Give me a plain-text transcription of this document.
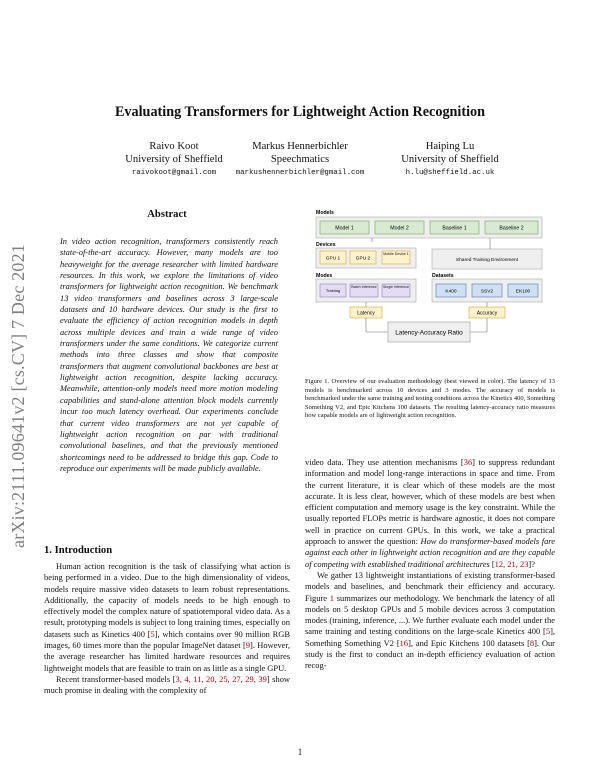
Evaluating Transformers for Lightweight Action Recognition
Raivo Koot
University of Sheffield
raivokoot@gmail.com
Markus Hennerbichler
Speechmatics
markushennerbichler@gmail.com
Haiping Lu
University of Sheffield
h.lu@sheffield.ac.uk
arXiv:2111.09641v2 [cs.CV] 7 Dec 2021
Abstract
In video action recognition, transformers consistently reach state-of-the-art accuracy. However, many models are too heavyweight for the average researcher with limited hardware resources. In this work, we explore the limitations of video transformers for lightweight action recognition. We benchmark 13 video transformers and baselines across 3 large-scale datasets and 10 hardware devices. Our study is the first to evaluate the efficiency of action recognition models in depth across multiple devices and train a wide range of video transformers under the same conditions. We categorize current methods into three classes and show that composite transformers that augment convolutional backbones are best at lightweight action recognition, despite lacking accuracy. Meanwhile, attention-only models need more motion modeling capabilities and stand-alone attention block models currently incur too much latency overhead. Our experiments conclude that current video transformers are not yet capable of lightweight action recognition on par with traditional convolutional baselines, and that the previously mentioned shortcomings need to be addressed to bridge this gap. Code to reproduce our experiments will be made publicly available.
1. Introduction

Human action recognition is the task of classifying what action is being performed in a video. Due to the high dimensionality of videos, models require massive video datasets to learn robust representations. Additionally, the capacity of models needs to be high enough to effectively model the complex nature of spatiotemporal video data. As a result, prototyping models is subject to long training times, especially on datasets such as Kinetics 400 [5], which contains over 90 million RGB images, 60 times more than the popular ImageNet dataset [9]. However, the average researcher has limited hardware resources and requires lightweight models that are feasible to train on as little as a single GPU.

Recent transformer-based models [3, 4, 11, 20, 25, 27, 29, 39] show much promise in dealing with the complexity of

Models
Model 1	Model 2	Baseline 1	Baseline 2
Devices
GPU 1	GPU 2
Mobile Device 1
Shared Training Environment
Modes
Training
Batch Inference	Single Inference
Datasets
K400	SSV2	EK100
Latency	Accuracy
Latency-Accuracy Ratio
Figure 1. Overview of our evaluation methodology (best viewed in color). The latency of 13 models is benchmarked across 10 devices and 3 modes. The accuracy of models is benchmarked under the same training and testing conditions across the Kinetics 400, Something Something V2, and Epic Kitchens 100 datasets. The resulting latency-accuracy ratio measures how capable models are of lightweight action recognition.

video data. They use attention mechanisms [36] to suppress redundant information and model long-range interactions in space and time. From the current literature, it is clear which of these models are the most accurate. It is less clear, however, which of these models are best when efficient computation and memory usage is the key constraint. While the usually reported FLOPs metric is hardware agnostic, it does not compare well in practice on current GPUs. In this work, we take a practical approach to answer the question: How do transformer-based models fare against each other in lightweight action recognition and are they capable of competing with established traditional architectures [12, 21, 23]?

We gather 13 lightweight instantiations of existing transformer-based models and baselines, and benchmark their efficiency and accuracy. Figure 1 summarizes our methodology. We benchmark the latency of all models on 5 desktop GPUs and 5 mobile devices across 3 computation modes (training, inference, ...). We further evaluate each model under the same training and testing conditions on the large-scale Kinetics 400 [5], Something Something V2 [16], and Epic Kitchens 100 datasets [8]. Our study is the first to conduct an in-depth efficiency evaluation of action recog-

1
